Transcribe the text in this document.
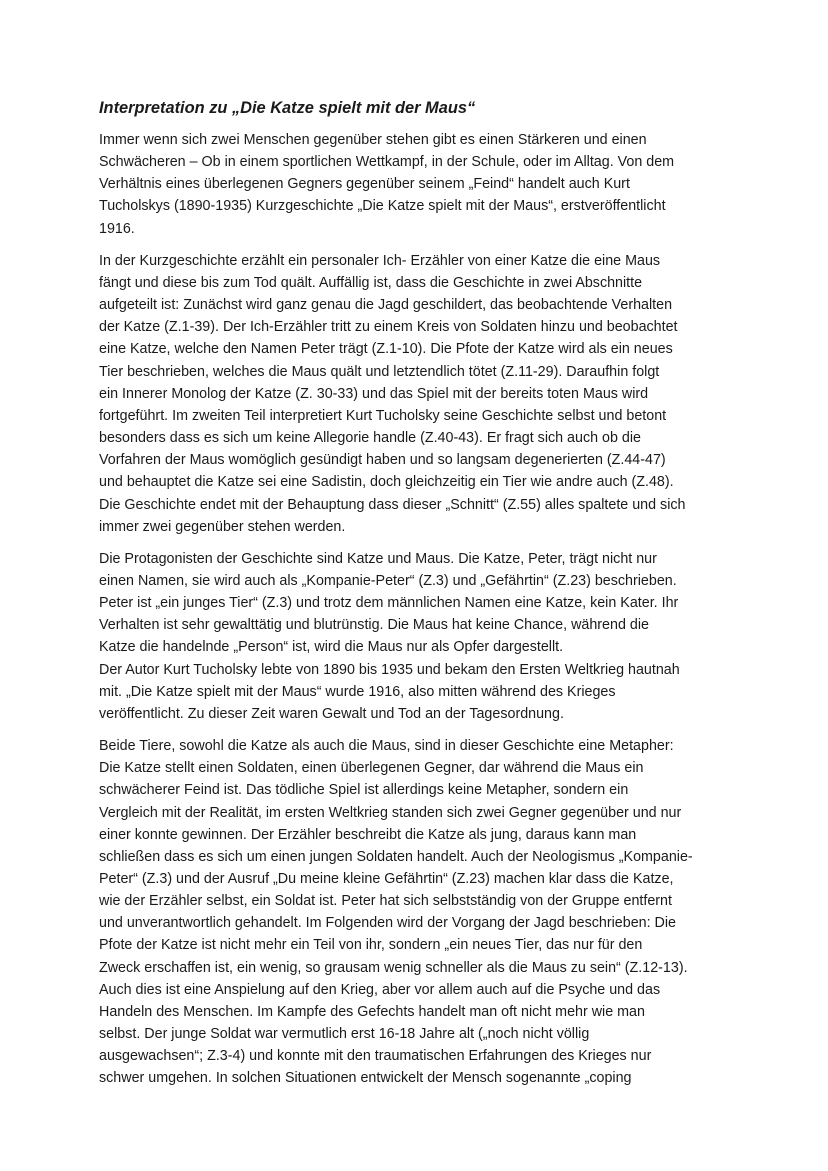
Interpretation zu „Die Katze spielt mit der Maus“
Immer wenn sich zwei Menschen gegenüber stehen gibt es einen Stärkeren und einen
Schwächeren – Ob in einem sportlichen Wettkampf, in der Schule, oder im Alltag. Von dem
Verhältnis eines überlegenen Gegners gegenüber seinem „Feind“ handelt auch Kurt
Tucholskys (1890-1935) Kurzgeschichte „Die Katze spielt mit der Maus“, erstveröffentlicht
1916.
In der Kurzgeschichte erzählt ein personaler Ich- Erzähler von einer Katze die eine Maus
fängt und diese bis zum Tod quält. Auffällig ist, dass die Geschichte in zwei Abschnitte
aufgeteilt ist: Zunächst wird ganz genau die Jagd geschildert, das beobachtende Verhalten
der Katze (Z.1-39). Der Ich-Erzähler tritt zu einem Kreis von Soldaten hinzu und beobachtet
eine Katze, welche den Namen Peter trägt (Z.1-10). Die Pfote der Katze wird als ein neues
Tier beschrieben, welches die Maus quält und letztendlich tötet (Z.11-29). Daraufhin folgt
ein Innerer Monolog der Katze (Z. 30-33) und das Spiel mit der bereits toten Maus wird
fortgeführt. Im zweiten Teil interpretiert Kurt Tucholsky seine Geschichte selbst und betont
besonders dass es sich um keine Allegorie handle (Z.40-43). Er fragt sich auch ob die
Vorfahren der Maus womöglich gesündigt haben und so langsam degenerierten (Z.44-47)
und behauptet die Katze sei eine Sadistin, doch gleichzeitig ein Tier wie andre auch (Z.48).
Die Geschichte endet mit der Behauptung dass dieser „Schnitt“ (Z.55) alles spaltete und sich
immer zwei gegenüber stehen werden.
Die Protagonisten der Geschichte sind Katze und Maus. Die Katze, Peter, trägt nicht nur
einen Namen, sie wird auch als „Kompanie-Peter“ (Z.3) und „Gefährtin“ (Z.23) beschrieben.
Peter ist „ein junges Tier“ (Z.3) und trotz dem männlichen Namen eine Katze, kein Kater. Ihr
Verhalten ist sehr gewalttätig und blutrünstig. Die Maus hat keine Chance, während die
Katze die handelnde „Person“ ist, wird die Maus nur als Opfer dargestellt.
Der Autor Kurt Tucholsky lebte von 1890 bis 1935 und bekam den Ersten Weltkrieg hautnah
mit. „Die Katze spielt mit der Maus“ wurde 1916, also mitten während des Krieges
veröffentlicht. Zu dieser Zeit waren Gewalt und Tod an der Tagesordnung.
Beide Tiere, sowohl die Katze als auch die Maus, sind in dieser Geschichte eine Metapher:
Die Katze stellt einen Soldaten, einen überlegenen Gegner, dar während die Maus ein
schwächerer Feind ist. Das tödliche Spiel ist allerdings keine Metapher, sondern ein
Vergleich mit der Realität, im ersten Weltkrieg standen sich zwei Gegner gegenüber und nur
einer konnte gewinnen. Der Erzähler beschreibt die Katze als jung, daraus kann man
schließen dass es sich um einen jungen Soldaten handelt. Auch der Neologismus „Kompanie-
Peter“ (Z.3) und der Ausruf „Du meine kleine Gefährtin“ (Z.23) machen klar dass die Katze,
wie der Erzähler selbst, ein Soldat ist. Peter hat sich selbstständig von der Gruppe entfernt
und unverantwortlich gehandelt. Im Folgenden wird der Vorgang der Jagd beschrieben: Die
Pfote der Katze ist nicht mehr ein Teil von ihr, sondern „ein neues Tier, das nur für den
Zweck erschaffen ist, ein wenig, so grausam wenig schneller als die Maus zu sein“ (Z.12-13).
Auch dies ist eine Anspielung auf den Krieg, aber vor allem auch auf die Psyche und das
Handeln des Menschen. Im Kampfe des Gefechts handelt man oft nicht mehr wie man
selbst. Der junge Soldat war vermutlich erst 16-18 Jahre alt („noch nicht völlig
ausgewachsen“; Z.3-4) und konnte mit den traumatischen Erfahrungen des Krieges nur
schwer umgehen. In solchen Situationen entwickelt der Mensch sogenannte „coping
